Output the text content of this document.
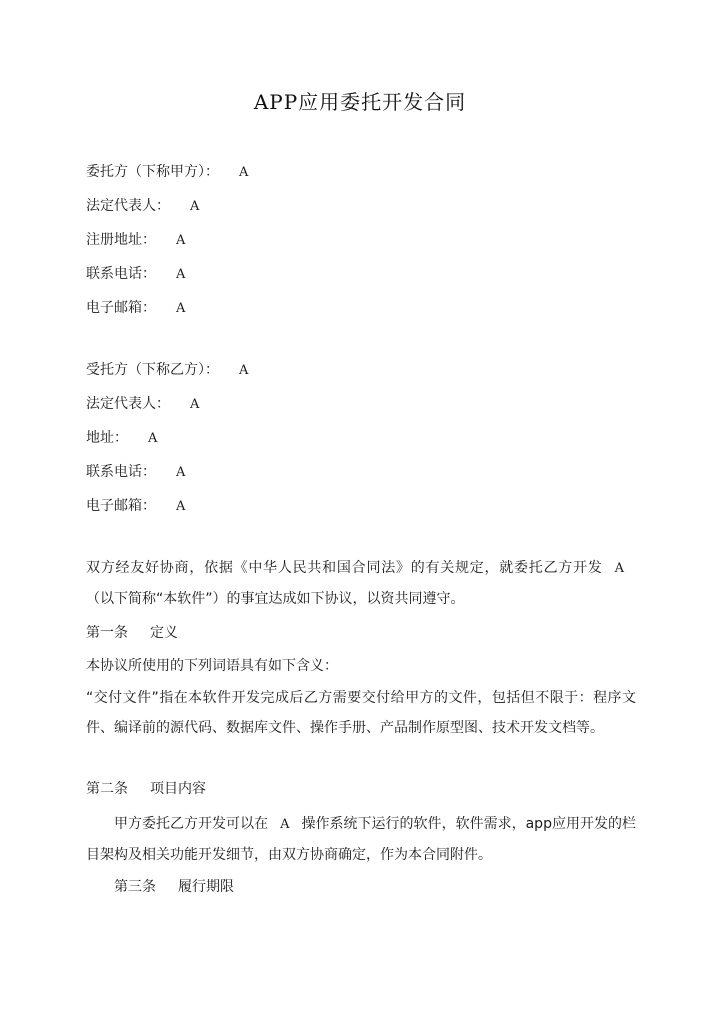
APP应用委托开发合同
委托方（下称甲方）： A
法定代表人： A
注册地址： A
联系电话： A
电子邮箱： A
受托方（下称乙方）： A
法定代表人： A
地址： A
联系电话： A
电子邮箱： A
双方经友好协商，依据《中华人民共和国合同法》的有关规定，就委托乙方开发 A（以下简称“本软件”）的事宜达成如下协议，以资共同遵守。
第一条 定义
本协议所使用的下列词语具有如下含义：
“交付文件”指在本软件开发完成后乙方需要交付给甲方的文件，包括但不限于：程序文件、编译前的源代码、数据库文件、操作手册、产品制作原型图、技术开发文档等。
第二条 项目内容
甲方委托乙方开发可以在 A 操作系统下运行的软件，软件需求，app应用开发的栏目架构及相关功能开发细节，由双方协商确定，作为本合同附件。
第三条 履行期限
